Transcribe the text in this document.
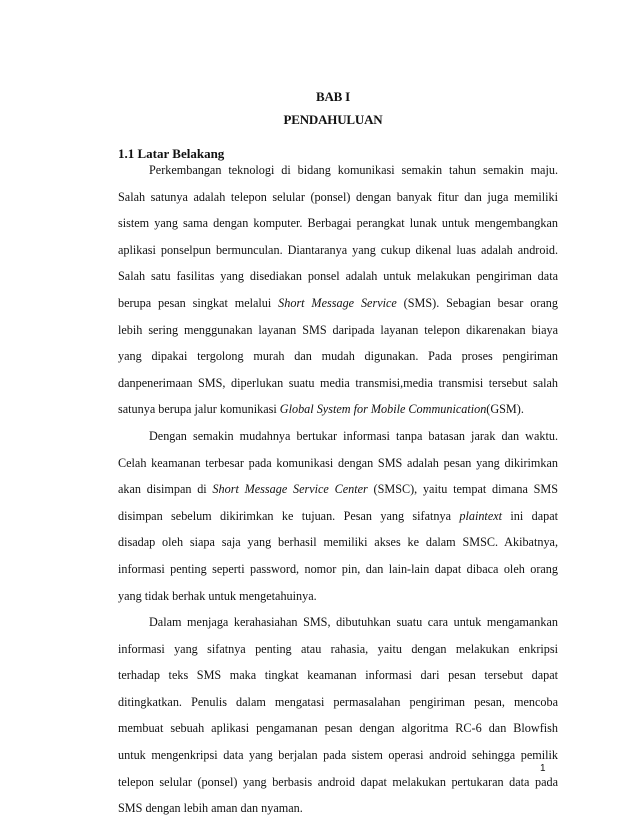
BAB I
PENDAHULUAN
1.1 Latar Belakang
Perkembangan teknologi di bidang komunikasi semakin tahun semakin maju.
Salah satunya adalah telepon selular (ponsel) dengan banyak fitur dan juga memiliki
sistem yang sama dengan komputer. Berbagai perangkat lunak untuk mengembangkan
aplikasi ponselpun bermunculan. Diantaranya yang cukup dikenal luas adalah android.
Salah satu fasilitas yang disediakan ponsel adalah untuk melakukan pengiriman data
berupa pesan singkat melalui Short Message Service (SMS). Sebagian besar orang
lebih sering menggunakan layanan SMS daripada layanan telepon dikarenakan biaya
yang dipakai tergolong murah dan mudah digunakan. Pada proses pengiriman
danpenerimaan SMS, diperlukan suatu media transmisi,media transmisi tersebut salah
satunya berupa jalur komunikasi Global System for Mobile Communication(GSM).
Dengan semakin mudahnya bertukar informasi tanpa batasan jarak dan waktu.
Celah keamanan terbesar pada komunikasi dengan SMS adalah pesan yang dikirimkan
akan disimpan di Short Message Service Center (SMSC), yaitu tempat dimana SMS
disimpan sebelum dikirimkan ke tujuan. Pesan yang sifatnya plaintext ini dapat
disadap oleh siapa saja yang berhasil memiliki akses ke dalam SMSC. Akibatnya,
informasi penting seperti password, nomor pin, dan lain-lain dapat dibaca oleh orang
yang tidak berhak untuk mengetahuinya.
Dalam menjaga kerahasiahan SMS, dibutuhkan suatu cara untuk mengamankan
informasi yang sifatnya penting atau rahasia, yaitu dengan melakukan enkripsi
terhadap teks SMS maka tingkat keamanan informasi dari pesan tersebut dapat
ditingkatkan. Penulis dalam mengatasi permasalahan pengiriman pesan, mencoba
membuat sebuah aplikasi pengamanan pesan dengan algoritma RC-6 dan Blowfish
untuk mengenkripsi data yang berjalan pada sistem operasi android sehingga pemilik
telepon selular (ponsel) yang berbasis android dapat melakukan pertukaran data pada
SMS dengan lebih aman dan nyaman.
1
